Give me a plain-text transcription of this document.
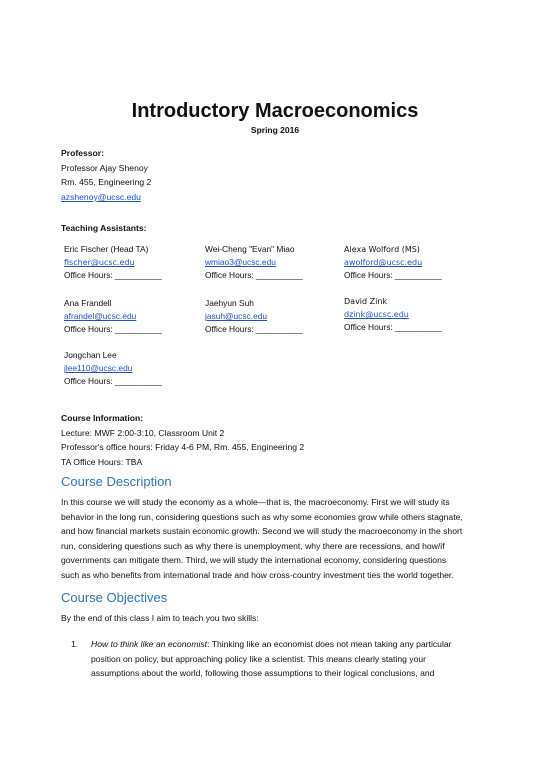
Introductory Macroeconomics
Spring 2016
Professor:
Professor Ajay Shenoy
Rm. 455, Engineering 2
azshenoy@ucsc.edu
Teaching Assistants:
Eric Fischer (Head TA)
fischer@ucsc.edu
Office Hours: __________
Wei-Cheng "Evan" Miao
wmiao3@ucsc.edu
Office Hours: __________
Alexa Wolford (MS)
awolford@ucsc.edu
Office Hours: __________
Ana Frandell
afrandel@ucsc.edu
Office Hours: __________
Jaehyun Suh
jasuh@ucsc.edu
Office Hours: __________
David Zink
dzink@ucsc.edu
Office Hours: __________
Jongchan Lee
jlee110@ucsc.edu
Office Hours: __________
Course Information:
Lecture: MWF 2:00-3:10, Classroom Unit 2
Professor's office hours: Friday 4-6 PM, Rm. 455, Engineering 2
TA Office Hours: TBA
Course Description
In this course we will study the economy as a whole—that is, the macroeconomy. First we will study its
behavior in the long run, considering questions such as why some economies grow while others stagnate,
and how financial markets sustain economic growth. Second we will study the macroeconomy in the short
run, considering questions such as why there is unemployment, why there are recessions, and how/if
governments can mitigate them. Third, we will study the international economy, considering questions
such as who benefits from international trade and how cross-country investment ties the world together.
Course Objectives
By the end of this class I aim to teach you two skills:
1.	How to think like an economist: Thinking like an economist does not mean taking any particular
position on policy, but approaching policy like a scientist. This means clearly stating your
assumptions about the world, following those assumptions to their logical conclusions, and
